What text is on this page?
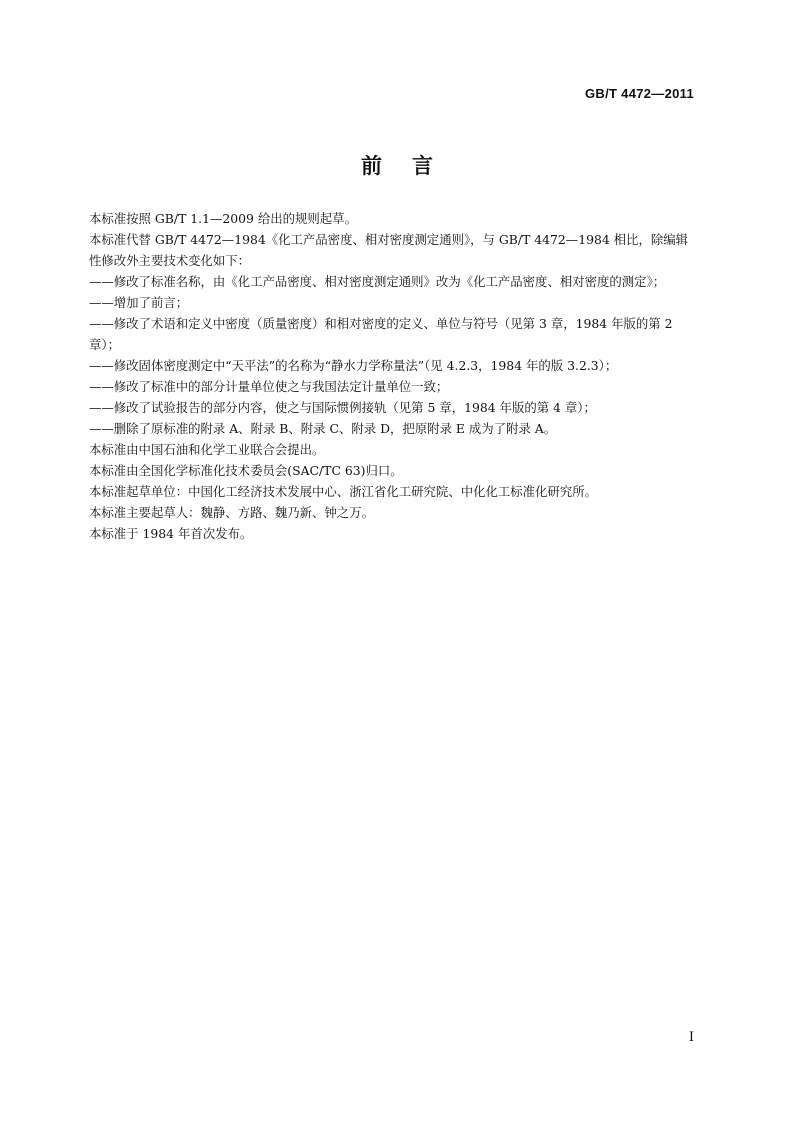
GB/T 4472—2011
前言

本标准按照 GB/T 1.1—2009 给出的规则起草。

本标准代替 GB/T 4472—1984《化工产品密度、相对密度测定通则》，与 GB/T 4472—1984 相比，除编辑性修改外主要技术变化如下：

——修改了标准名称，由《化工产品密度、相对密度测定通则》改为《化工产品密度、相对密度的测定》；

——增加了前言；

——修改了术语和定义中密度（质量密度）和相对密度的定义、单位与符号（见第 3 章，1984 年版的第 2 章）；

——修改固体密度测定中“天平法”的名称为“静水力学称量法”（见 4.2.3，1984 年的版 3.2.3）；

——修改了标准中的部分计量单位使之与我国法定计量单位一致；

——修改了试验报告的部分内容，使之与国际惯例接轨（见第 5 章，1984 年版的第 4 章）；

——删除了原标准的附录 A、附录 B、附录 C、附录 D，把原附录 E 成为了附录 A。

本标准由中国石油和化学工业联合会提出。

本标准由全国化学标准化技术委员会(SAC/TC 63)归口。

本标准起草单位：中国化工经济技术发展中心、浙江省化工研究院、中化化工标准化研究所。

本标准主要起草人：魏静、方路、魏乃新、钟之万。

本标准于 1984 年首次发布。

I
